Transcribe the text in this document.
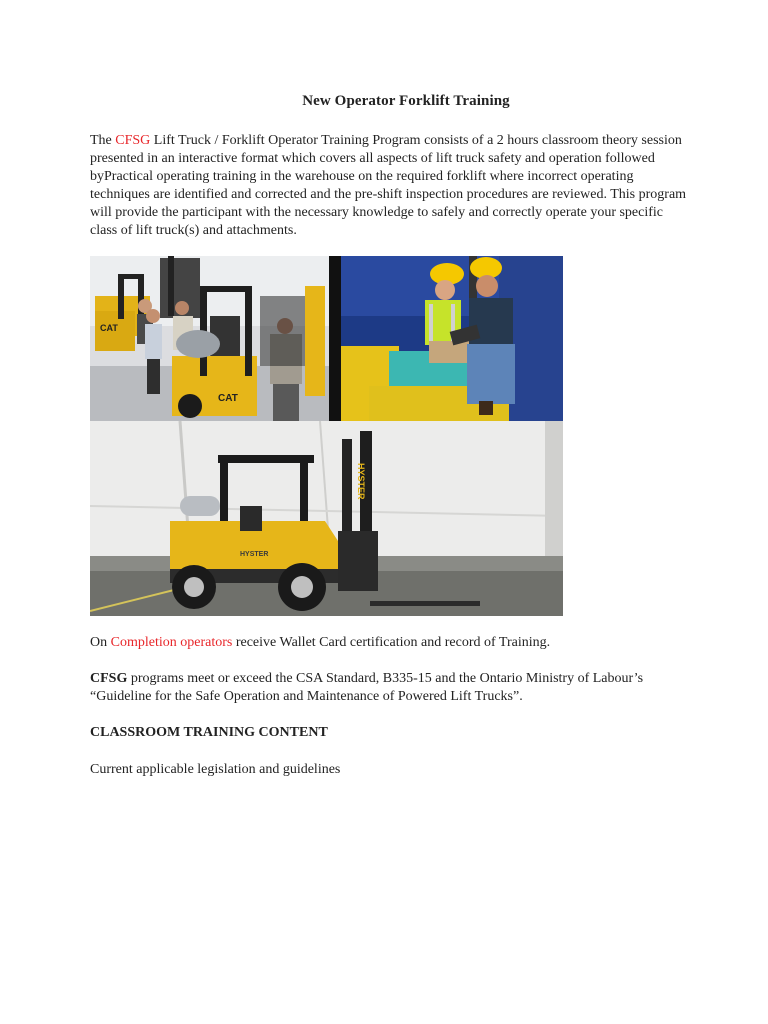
New Operator Forklift Training

The CFSG Lift Truck / Forklift Operator Training Program consists of a 2 hours classroom theory session presented in an interactive format which covers all aspects of lift truck safety and operation followed byPractical operating training in the warehouse on the required forklift where incorrect operating techniques are identified and corrected and the pre-shift inspection procedures are reviewed. This program will provide the participant with the necessary knowledge to safely and correctly operate your specific class of lift truck(s) and attachments.

CAT
CAT
HYSTER
HYSTER

On Completion operators receive Wallet Card certification and record of Training.

CFSG programs meet or exceed the CSA Standard, B335-15 and the Ontario Ministry of Labour’s “Guideline for the Safe Operation and Maintenance of Powered Lift Trucks”.

CLASSROOM TRAINING CONTENT

Current applicable legislation and guidelines
